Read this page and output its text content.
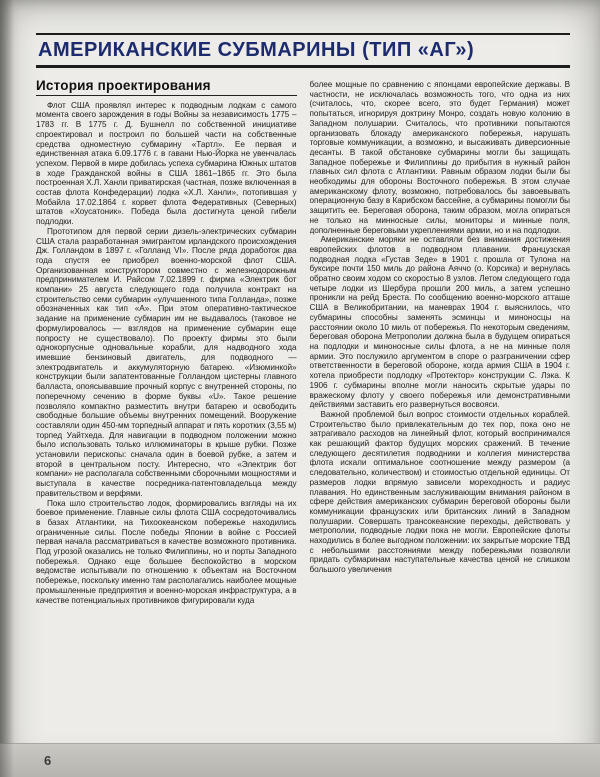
АМЕРИКАНСКИЕ СУБМАРИНЫ (ТИП «АГ»)
История проектирования

Флот США проявлял интерес к подводным лодкам с самого момента своего зарождения в годы Войны за независимость 1775 – 1783 гг. В 1775 г. Д. Бушнелл по собственной инициативе спроектировал и построил по большей части на собственные средства одноместную субмарину «Тартл». Ее первая и единственная атака 6.09.1776 г. в гавани Нью-Йорка не увенчалась успехом. Первой в мире добилась успеха субмарина Южных штатов в ходе Гражданской войны в США 1861–1865 гг. Это была построенная Х.Л. Ханли приватирская (частная, позже включенная в состав флота Конфедерации) лодка «Х.Л. Ханли», потопившая у Мобайла 17.02.1864 г. корвет флота Федеративных (Северных) штатов «Хоусатоник». Победа была достигнута ценой гибели подлодки.

Прототипом для первой серии дизель-электрических субмарин США стала разработанная эмигрантом ирландского происхождения Дж. Голландом в 1897 г. «Голланд VI». После ряда доработок два года спустя ее приобрел военно-морской флот США. Организованная конструктором совместно с железнодорожным предпринимателем И. Райсом 7.02.1899 г. фирма «Электрик бот компани» 25 августа следующего года получила контракт на строительство семи субмарин «улучшенного типа Голланда», позже обозначенных как тип «А». При этом оперативно-тактическое задание на применение субмарин им не выдавалось (таковое не формулировалось — взглядов на применение субмарин еще попросту не существовало). По проекту фирмы это были однокорпусные одновальные корабли, для надводного хода имевшие бензиновый двигатель, для подводного — электродвигатель и аккумуляторную батарею. «Изюминкой» конструкции были запатентованные Голландом цистерны главного балласта, опоясывавшие прочный корпус с внутренней стороны, по поперечному сечению в форме буквы «U». Такое решение позволяло компактно разместить внутри батарею и освободить свободные большие объемы внутренних помещений. Вооружение составляли один 450-мм торпедный аппарат и пять коротких (3,55 м) торпед Уайтхеда. Для навигации в подводном положении можно было использовать только иллюминаторы в крыше рубки. Позже установили перископы: сначала один в боевой рубке, а затем и второй в центральном посту. Интересно, что «Электрик бот компани» не располагала собственными сборочными мощностями и выступала в качестве посредника-патентовладельца между правительством и верфями.

Пока шло строительство лодок, формировались взгляды на их боевое применение. Главные силы флота США сосредоточивались в базах Атлантики, на Тихоокеанском побережье находились ограниченные силы. После победы Японии в войне с Россией первая начала рассматриваться в качестве возможного противника. Под угрозой оказались не только Филиппины, но и порты Западного побережья. Однако еще большее беспокойство в морском ведомстве испытывали по отношению к объектам на Восточном побережье, поскольку именно там располагались наиболее мощные промышленные предприятия и военно-морская инфраструктура, а в качестве потенциальных противников фигурировали куда

более мощные по сравнению с японцами европейские державы. В частности, не исключалась возможность того, что одна из них (считалось, что, скорее всего, это будет Германия) может попытаться, игнорируя доктрину Монро, создать новую колонию в Западном полушарии. Считалось, что противники попытаются организовать блокаду американского побережья, нарушать торговые коммуникации, а возможно, и высаживать диверсионные десанты. В такой обстановке субмарины могли бы защищать Западное побережье и Филиппины до прибытия в нужный район главных сил флота с Атлантики. Равным образом лодки были бы необходимы для обороны Восточного побережья. В этом случае американскому флоту, возможно, потребовалось бы завоевывать операционную базу в Карибском бассейне, а субмарины помогли бы защитить ее. Береговая оборона, таким образом, могла опираться не только на минносные силы, мониторы и минные поля, дополненные береговыми укреплениями армии, но и на подлодки.

Американские моряки не оставляли без внимания достижения европейских флотов в подводном плавании. Французская подводная лодка «Густав Зеде» в 1901 г. прошла от Тулона на буксире почти 150 миль до района Аяччо (о. Корсика) и вернулась обратно своим ходом со скоростью 8 узлов. Летом следующего года четыре лодки из Шербура прошли 200 миль, а затем успешно проникли на рейд Бреста. По сообщению военно-морского атташе США в Великобритании, на маневрах 1904 г. выяснилось, что субмарины способны заменять эсминцы и миноносцы на расстоянии около 10 миль от побережья. По некоторым сведениям, береговая оборона Метрополии должна была в будущем опираться на подлодки и миноносные силы флота, а не на минные поля армии. Это послужило аргументом в споре о разграничении сфер ответственности в береговой обороне, когда армия США в 1904 г. хотела приобрести подлодку «Протектор» конструкции С. Лэка. К 1906 г. субмарины вполне могли наносить скрытые удары по вражескому флоту у своего побережья или демонстративными действиями заставить его развернуться восвояси.

Важной проблемой был вопрос стоимости отдельных кораблей. Строительство было привлекательным до тех пор, пока оно не затрагивало расходов на линейный флот, который воспринимался как решающий фактор будущих морских сражений. В течение следующего десятилетия подводники и коллегия министерства флота искали оптимальное соотношение между размером (а следовательно, количеством) и стоимостью отдельной единицы. От размеров лодки впрямую зависели мореходность и радиус плавания. Но единственным заслуживающим внимания районом в сфере действия американских субмарин береговой обороны были коммуникации французских или британских линий в Западном полушарии. Совершать трансокеанские переходы, действовать у метрополии, подводные лодки пока не могли. Европейские флоты находились в более выгодном положении: их закрытые морские ТВД с небольшими расстояниями между побережьями позволяли придать субмаринам наступательные качества ценой не слишком большого увеличения

6
